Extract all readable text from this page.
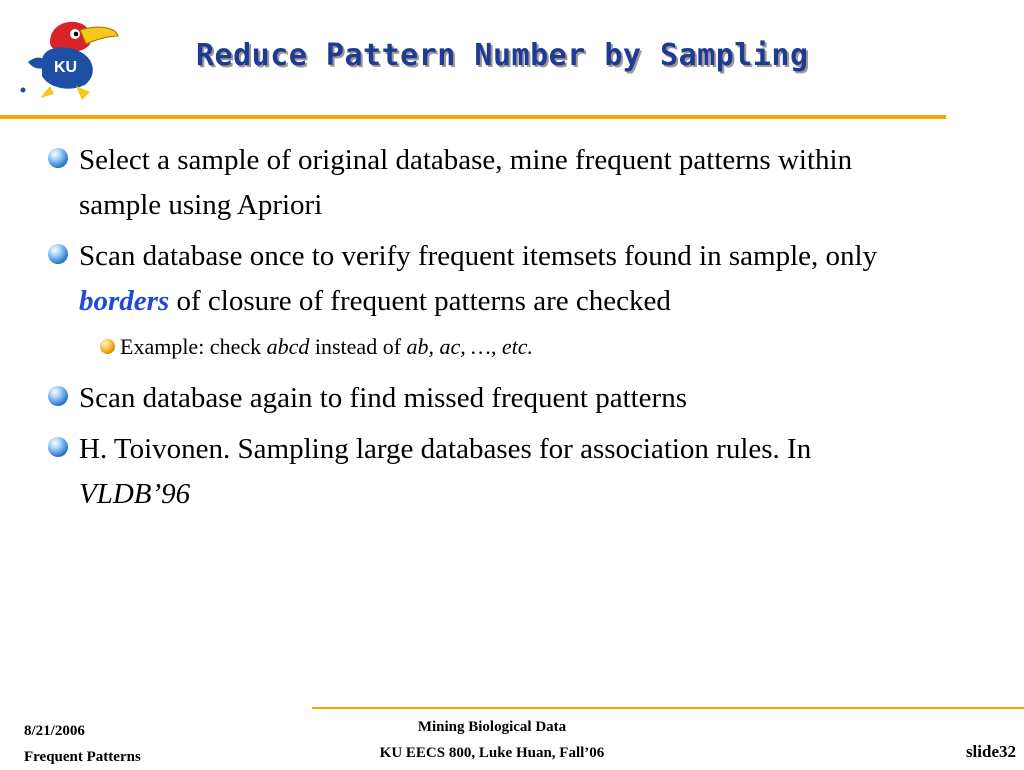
KU	Reduce Pattern Number by Sampling
Select a sample of original database, mine frequent patterns within sample using Apriori
Scan database once to verify frequent itemsets found in sample, only borders of closure of frequent patterns are checked
Example: check abcd instead of ab, ac, …, etc.
Scan database again to find missed frequent patterns
H. Toivonen. Sampling large databases for association rules. In VLDB’96
8/21/2006
Frequent Patterns
Mining Biological Data
KU EECS 800, Luke Huan, Fall’06	slide32
